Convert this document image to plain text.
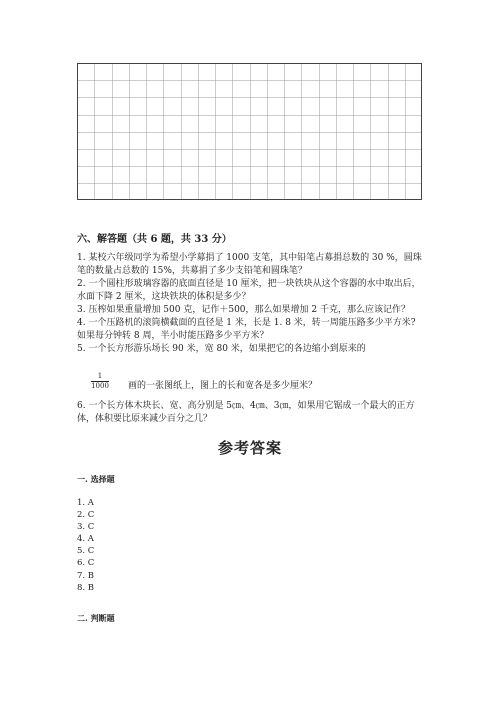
六、解答题（共 6 题，共 33 分）
1. 某校六年级同学为希望小学募捐了 1000 支笔，其中铅笔占募捐总数的 30 %，圆珠笔的数量占总数的 15%，共募捐了多少支铅笔和圆珠笔？
2. 一个圆柱形玻璃容器的底面直径是 10 厘米，把一块铁块从这个容器的水中取出后，水面下降 2 厘米，这块铁块的体积是多少？
3. 压榨如果重量增加 500 克，记作＋500，那么如果增加 2 千克，那么应该记作？
4. 一个压路机的滚筒横截面的直径是 1 米，长是 1. 8 米，转一周能压路多少平方米?如果每分钟转 8 周，半小时能压路多少平方米？
5. 一个长方形游乐场长 90 米，宽 80 米，如果把它的各边缩小到原来的
1
1000 画的一张图纸上，图上的长和宽各是多少厘米？
6. 一个长方体木块长、宽、高分别是 5㎝、4㎝、3㎝，如果用它锯成一个最大的正方体，体积要比原来减少百分之几？
参考答案
一. 选择题
1. A
2. C
3. C
4. A
5. C
6. C
7. B
8. B
二. 判断题
